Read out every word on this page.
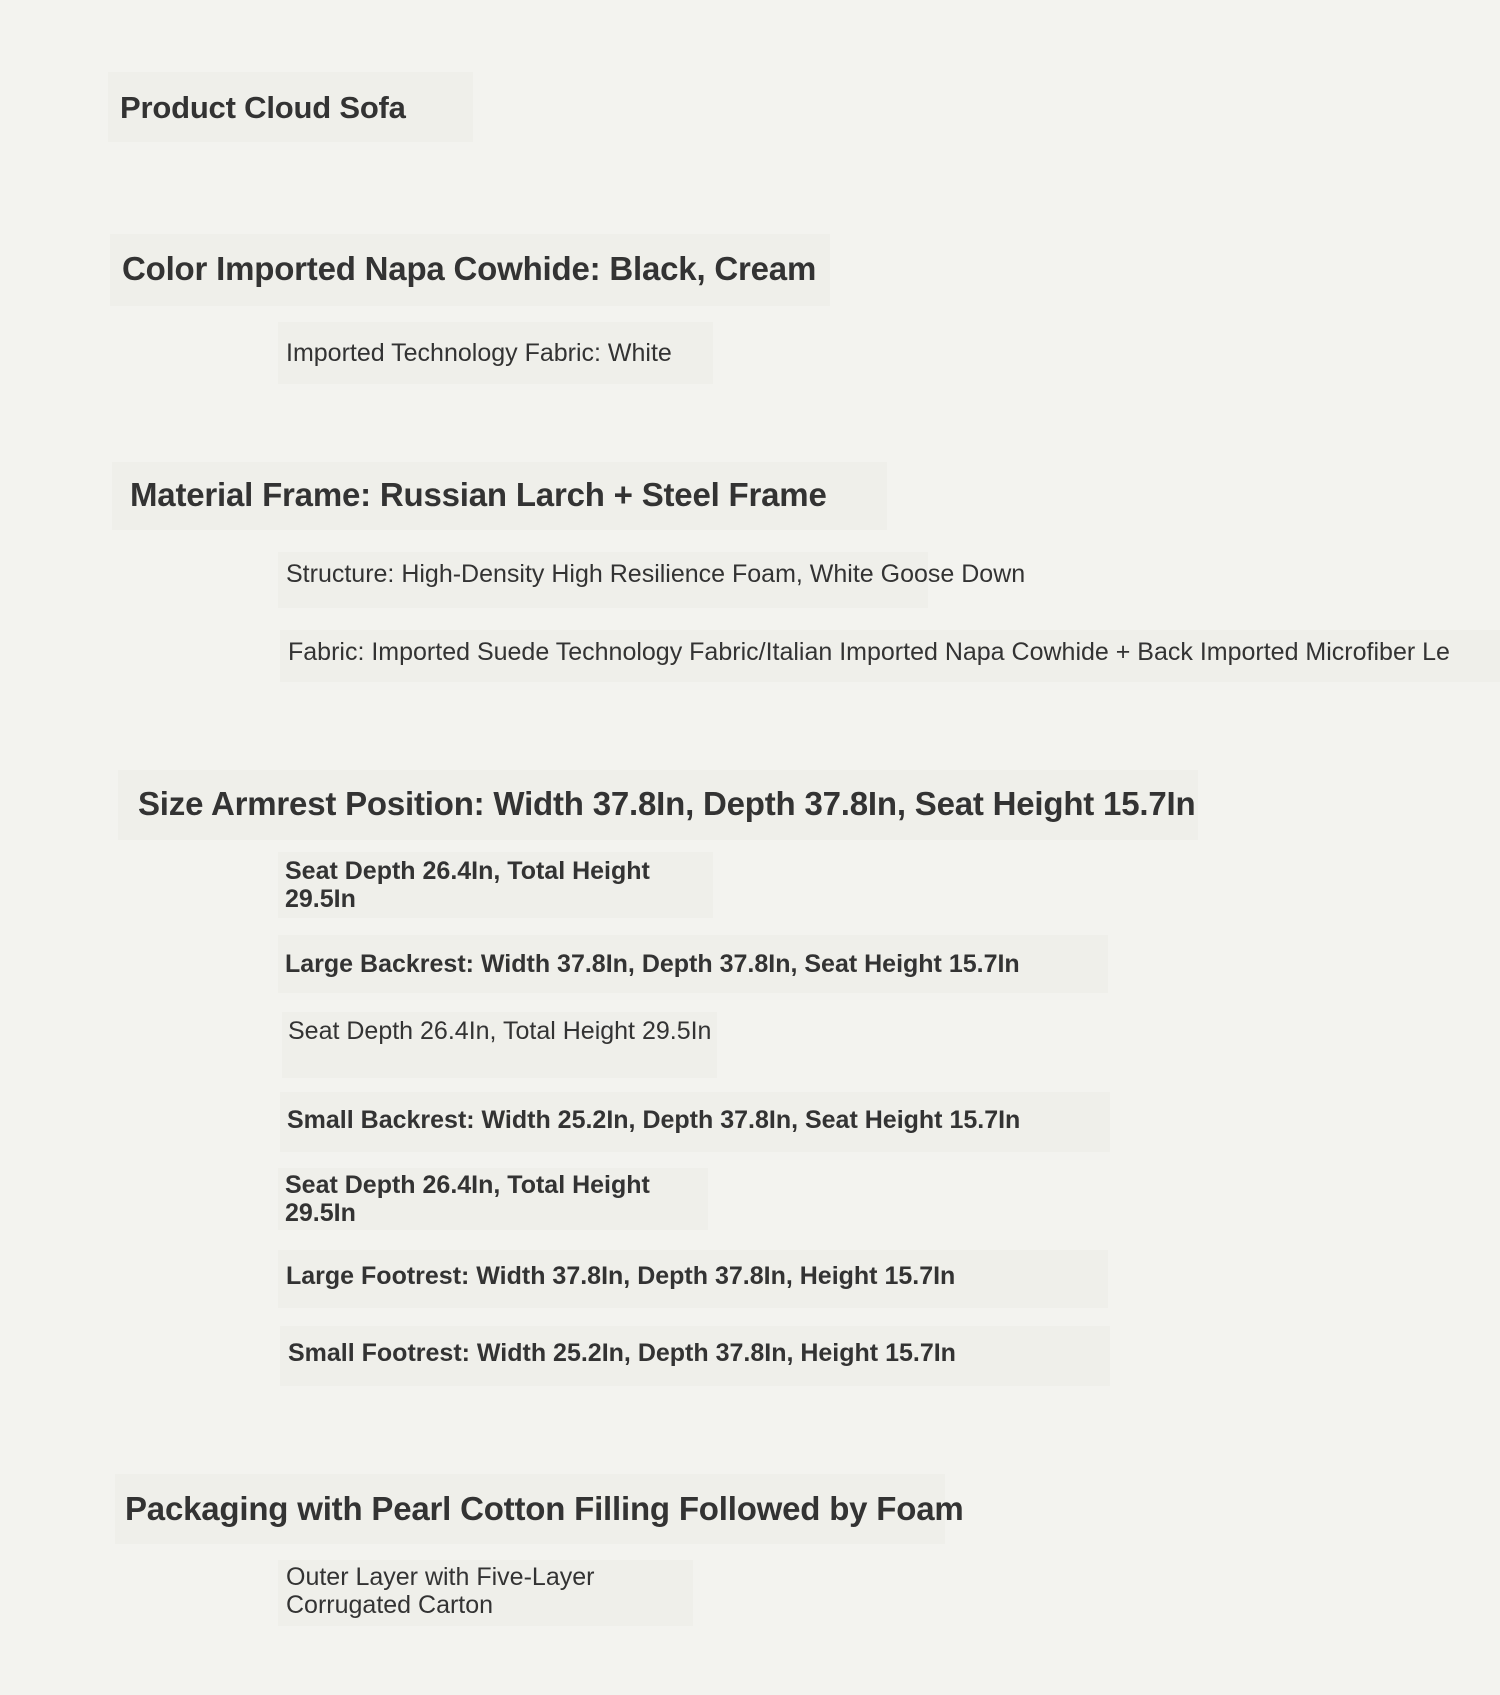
Product Cloud Sofa
Color Imported Napa Cowhide: Black, Cream
Imported Technology Fabric: White
Material Frame: Russian Larch + Steel Frame
Structure: High-Density High Resilience Foam, White Goose Down
Fabric: Imported Suede Technology Fabric/Italian Imported Napa Cowhide + Back Imported Microfiber Le
Size Armrest Position: Width 37.8In, Depth 37.8In, Seat Height 15.7In
Seat Depth 26.4In, Total Height 29.5In
Large Backrest: Width 37.8In, Depth 37.8In, Seat Height 15.7In
Seat Depth 26.4In, Total Height 29.5In
Small Backrest: Width 25.2In, Depth 37.8In, Seat Height 15.7In
Seat Depth 26.4In, Total Height 29.5In
Large Footrest: Width 37.8In, Depth 37.8In, Height 15.7In
Small Footrest: Width 25.2In, Depth 37.8In, Height 15.7In
Packaging with Pearl Cotton Filling Followed by Foam
Outer Layer with Five-Layer Corrugated Carton
